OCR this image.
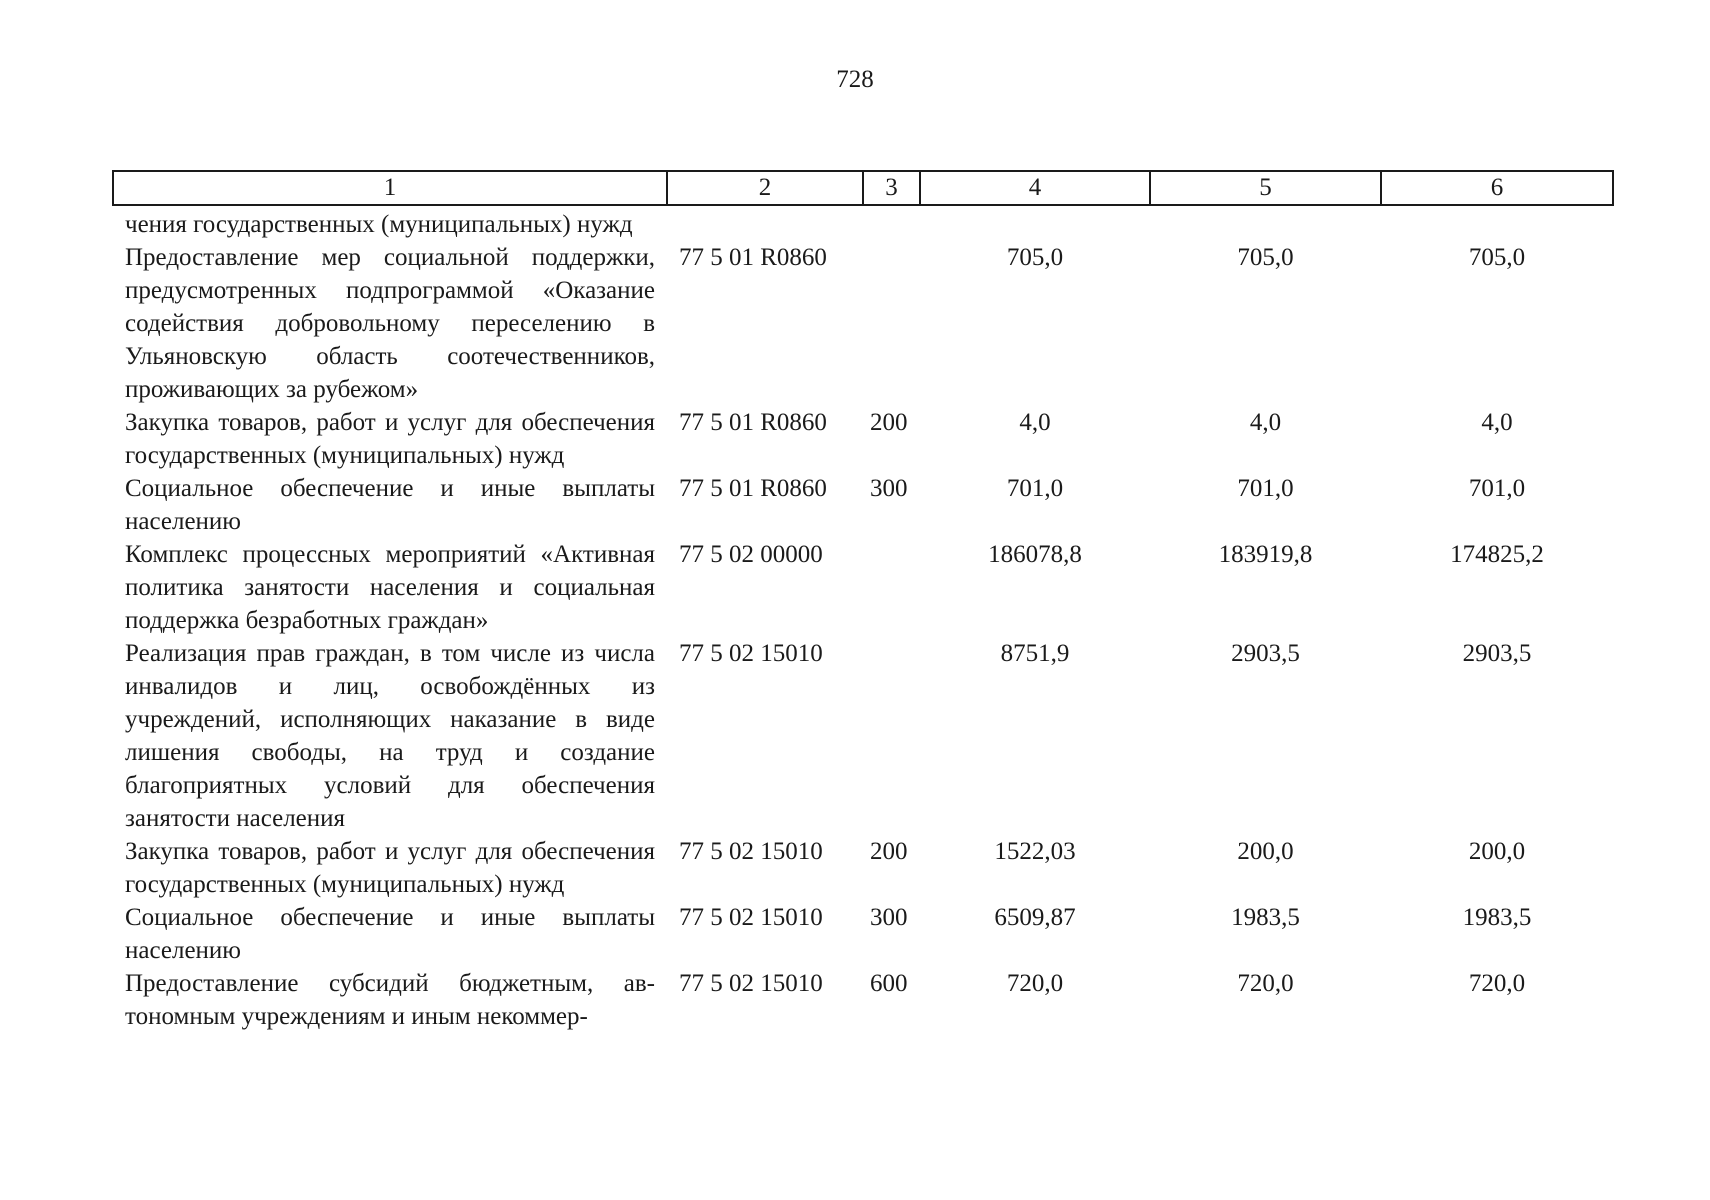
728
1	2	3	4	5	6
чения государственных (муниципальных) нужд					
Предоставление мер социальной поддержки, предусмотренных подпрограммой «Оказание содействия добровольному переселению в Ульяновскую область соотечественников, проживающих за рубежом»	77 5 01 R0860		705,0	705,0	705,0
Закупка товаров, работ и услуг для обеспечения государственных (муниципальных) нужд	77 5 01 R0860	200	4,0	4,0	4,0
Социальное обеспечение и иные выплаты населению	77 5 01 R0860	300	701,0	701,0	701,0
Комплекс процессных мероприятий «Активная политика занятости населения и социальная поддержка безработных граждан»	77 5 02 00000		186078,8	183919,8	174825,2
Реализация прав граждан, в том числе из числа инвалидов и лиц, освобождённых из учреждений, исполняющих наказание в виде лишения свободы, на труд и создание благоприятных условий для обеспечения занятости населения	77 5 02 15010		8751,9	2903,5	2903,5
Закупка товаров, работ и услуг для обеспечения государственных (муниципальных) нужд	77 5 02 15010	200	1522,03	200,0	200,0
Социальное обеспечение и иные выплаты населению	77 5 02 15010	300	6509,87	1983,5	1983,5
Предоставление субсидий бюджетным, автономным учреждениям и иным некоммер-	77 5 02 15010	600	720,0	720,0	720,0
